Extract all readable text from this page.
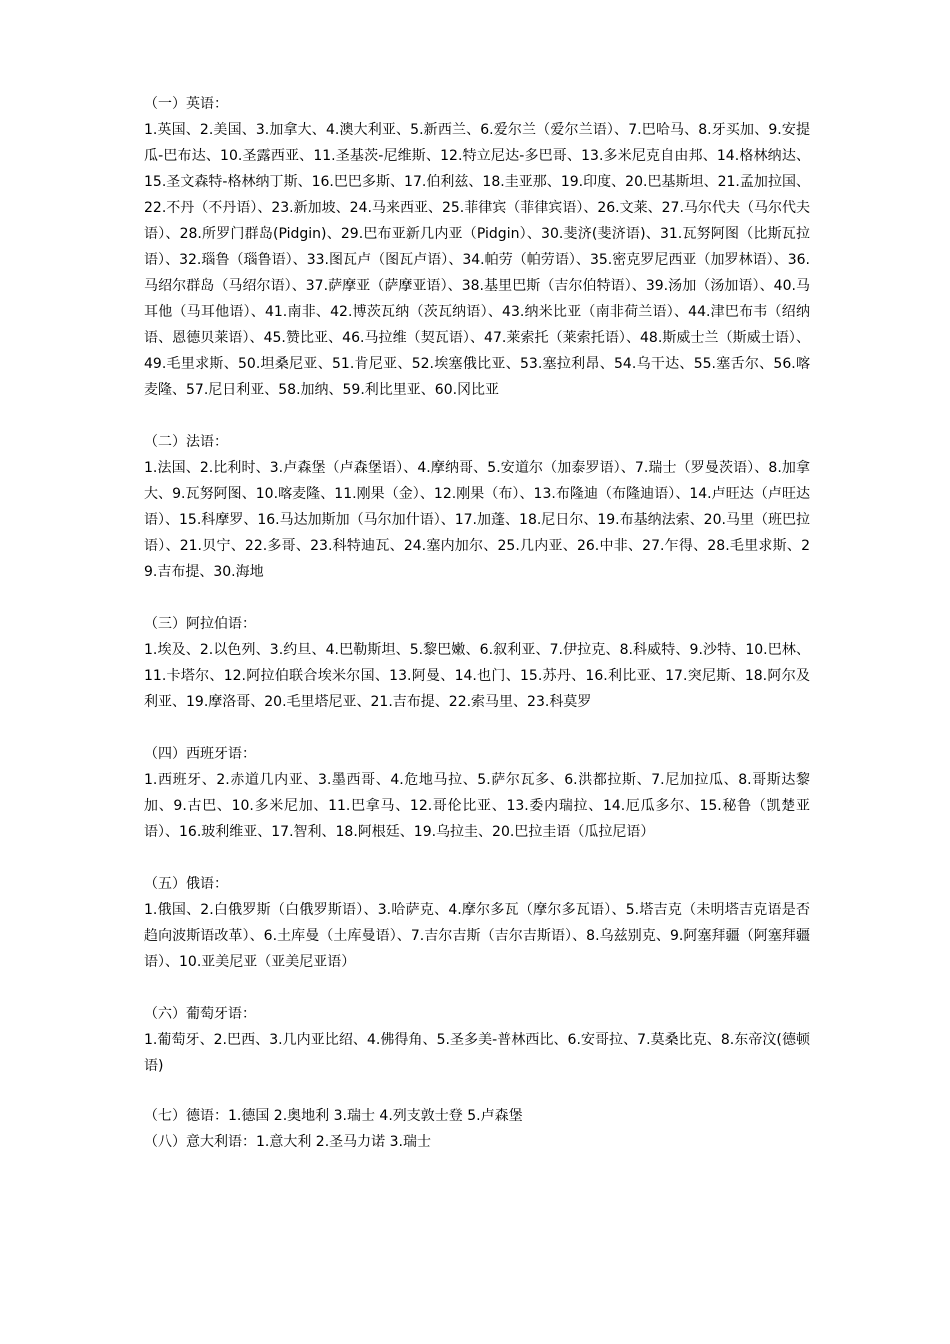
（一）英语：

1.英国、2.美国、3.加拿大、4.澳大利亚、5.新西兰、6.爱尔兰（爱尔兰语）、7.巴哈马、8.牙买加、9.安提瓜-巴布达、10.圣露西亚、11.圣基茨-尼维斯、12.特立尼达-多巴哥、13.多米尼克自由邦、14.格林纳达、15.圣文森特-格林纳丁斯、16.巴巴多斯、17.伯利兹、18.圭亚那、19.印度、20.巴基斯坦、21.孟加拉国、22.不丹（不丹语）、23.新加坡、24.马来西亚、25.菲律宾（菲律宾语）、26.文莱、27.马尔代夫（马尔代夫语）、28.所罗门群岛(Pidgin)、29.巴布亚新几内亚（Pidgin）、30.斐济(斐济语)、31.瓦努阿图（比斯瓦拉语）、32.瑙鲁（瑙鲁语）、33.图瓦卢（图瓦卢语）、34.帕劳（帕劳语）、35.密克罗尼西亚（加罗林语）、36.马绍尔群岛（马绍尔语）、37.萨摩亚（萨摩亚语）、38.基里巴斯（吉尔伯特语）、39.汤加（汤加语）、40.马耳他（马耳他语）、41.南非、42.博茨瓦纳（茨瓦纳语）、43.纳米比亚（南非荷兰语）、44.津巴布韦（绍纳语、恩德贝莱语）、45.赞比亚、46.马拉维（契瓦语）、47.莱索托（莱索托语）、48.斯威士兰（斯威士语）、49.毛里求斯、50.坦桑尼亚、51.肯尼亚、52.埃塞俄比亚、53.塞拉利昂、54.乌干达、55.塞舌尔、56.喀麦隆、57.尼日利亚、58.加纳、59.利比里亚、60.冈比亚

（二）法语：

1.法国、2.比利时、3.卢森堡（卢森堡语）、4.摩纳哥、5.安道尔（加泰罗语）、7.瑞士（罗曼茨语）、8.加拿大、9.瓦努阿图、10.喀麦隆、11.刚果（金）、12.刚果（布）、13.布隆迪（布隆迪语）、14.卢旺达（卢旺达语）、15.科摩罗、16.马达加斯加（马尔加什语）、17.加蓬、18.尼日尔、19.布基纳法索、20.马里（班巴拉语）、21.贝宁、22.多哥、23.科特迪瓦、24.塞内加尔、25.几内亚、26.中非、27.乍得、28.毛里求斯、29.吉布提、30.海地

（三）阿拉伯语：

1.埃及、2.以色列、3.约旦、4.巴勒斯坦、5.黎巴嫩、6.叙利亚、7.伊拉克、8.科威特、9.沙特、10.巴林、11.卡塔尔、12.阿拉伯联合埃米尔国、13.阿曼、14.也门、15.苏丹、16.利比亚、17.突尼斯、18.阿尔及利亚、19.摩洛哥、20.毛里塔尼亚、21.吉布提、22.索马里、23.科莫罗

（四）西班牙语：

1.西班牙、2.赤道几内亚、3.墨西哥、4.危地马拉、5.萨尔瓦多、6.洪都拉斯、7.尼加拉瓜、8.哥斯达黎加、9.古巴、10.多米尼加、11.巴拿马、12.哥伦比亚、13.委内瑞拉、14.厄瓜多尔、15.秘鲁（凯楚亚语）、16.玻利维亚、17.智利、18.阿根廷、19.乌拉圭、20.巴拉圭语（瓜拉尼语）

（五）俄语：

1.俄国、2.白俄罗斯（白俄罗斯语）、3.哈萨克、4.摩尔多瓦（摩尔多瓦语）、5.塔吉克（未明塔吉克语是否趋向波斯语改革）、6.土库曼（土库曼语）、7.吉尔吉斯（吉尔吉斯语）、8.乌兹别克、9.阿塞拜疆（阿塞拜疆语）、10.亚美尼亚（亚美尼亚语）

（六）葡萄牙语：

1.葡萄牙、2.巴西、3.几内亚比绍、4.佛得角、5.圣多美-普林西比、6.安哥拉、7.莫桑比克、8.东帝汶(德顿语)

（七）德语：1.德国 2.奥地利 3.瑞士 4.列支敦士登 5.卢森堡

（八）意大利语：1.意大利 2.圣马力诺 3.瑞士
